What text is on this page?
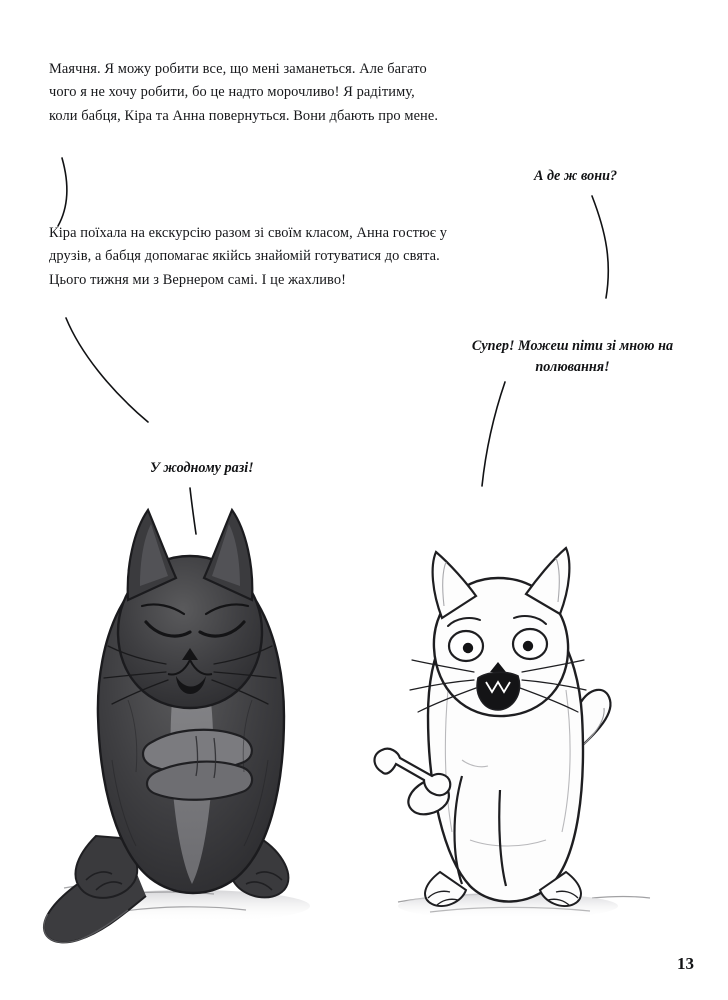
Маячня. Я можу робити все, що мені заманеться. Але багато чого я не хочу робити, бо це надто морочливо! Я радітиму, коли бабця, Кіра та Анна повернуться. Вони дбають про мене.
Кіра поїхала на екскурсію разом зі своїм класом, Анна гостює у друзів, а бабця допомагає якійсь знайомій готуватися до свята. Цього тижня ми з Вернером самі. І це жахливо!
А де ж вони?
Супер! Можеш піти зі мною на полювання!
У жодному разі!
13
